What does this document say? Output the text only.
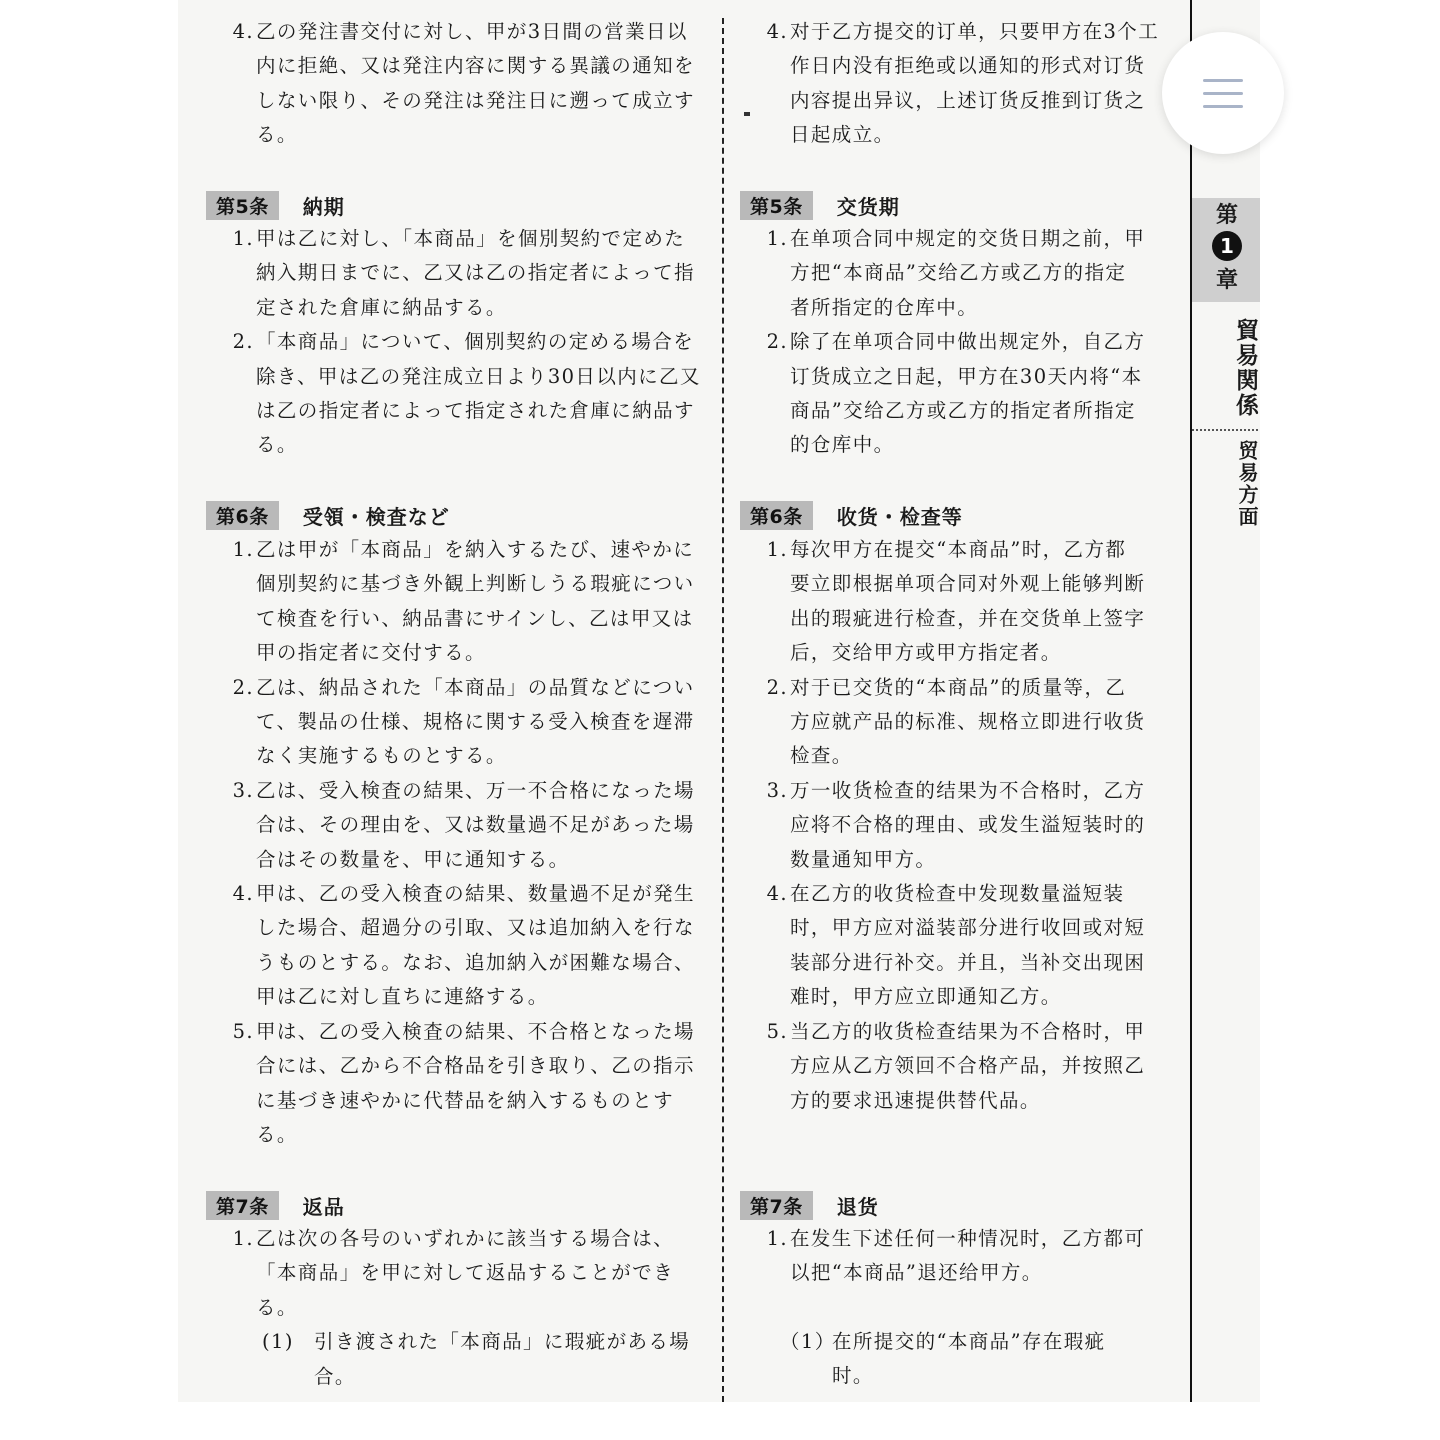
4. 乙の発注書交付に対し、甲が3日間の営業日以
内に拒絶、又は発注内容に関する異議の通知を
しない限り、その発注は発注日に遡って成立す
る。
第5条	納期
1. 甲は乙に対し、「本商品」を個別契約で定めた
納入期日までに、乙又は乙の指定者によって指
定された倉庫に納品する。
2. 「本商品」について、個別契約の定める場合を
除き、甲は乙の発注成立日より30日以内に乙又
は乙の指定者によって指定された倉庫に納品す
る。
第6条	受領・検査など
1. 乙は甲が「本商品」を納入するたび、速やかに
個別契約に基づき外観上判断しうる瑕疵につい
て検査を行い、納品書にサインし、乙は甲又は
甲の指定者に交付する。
2. 乙は、納品された「本商品」の品質などについ
て、製品の仕様、規格に関する受入検査を遅滞
なく実施するものとする。
3. 乙は、受入検査の結果、万一不合格になった場
合は、その理由を、又は数量過不足があった場
合はその数量を、甲に通知する。
4. 甲は、乙の受入検査の結果、数量過不足が発生
した場合、超過分の引取、又は追加納入を行な
うものとする。なお、追加納入が困難な場合、
甲は乙に対し直ちに連絡する。
5. 甲は、乙の受入検査の結果、不合格となった場
合には、乙から不合格品を引き取り、乙の指示
に基づき速やかに代替品を納入するものとす
る。
第7条	返品
1. 乙は次の各号のいずれかに該当する場合は、
「本商品」を甲に対して返品することができ
る。
(1)	引き渡された「本商品」に瑕疵がある場
合。
4. 对于乙方提交的订单，只要甲方在3个工
作日内没有拒绝或以通知的形式对订货
内容提出异议，上述订货反推到订货之
日起成立。
第5条	交货期
1. 在单项合同中规定的交货日期之前，甲
方把“本商品”交给乙方或乙方的指定
者所指定的仓库中。
2. 除了在单项合同中做出规定外，自乙方
订货成立之日起，甲方在30天内将“本
商品”交给乙方或乙方的指定者所指定
的仓库中。
第6条	收货・检查等
1. 每次甲方在提交“本商品”时，乙方都
要立即根据单项合同对外观上能够判断
出的瑕疵进行检查，并在交货单上签字
后，交给甲方或甲方指定者。
2. 对于已交货的“本商品”的质量等，乙
方应就产品的标准、规格立即进行收货
检查。
3. 万一收货检查的结果为不合格时，乙方
应将不合格的理由、或发生溢短装时的
数量通知甲方。
4. 在乙方的收货检查中发现数量溢短装
时，甲方应对溢装部分进行收回或对短
装部分进行补交。并且，当补交出现困
难时，甲方应立即通知乙方。
5. 当乙方的收货检查结果为不合格时，甲
方应从乙方领回不合格产品，并按照乙
方的要求迅速提供替代品。
第7条	退货
1. 在发生下述任何一种情况时，乙方都可
以把“本商品”退还给甲方。
（1）
在所提交的“本商品”存在瑕疵
时。
第
1
章
貿易関係
贸易方面
